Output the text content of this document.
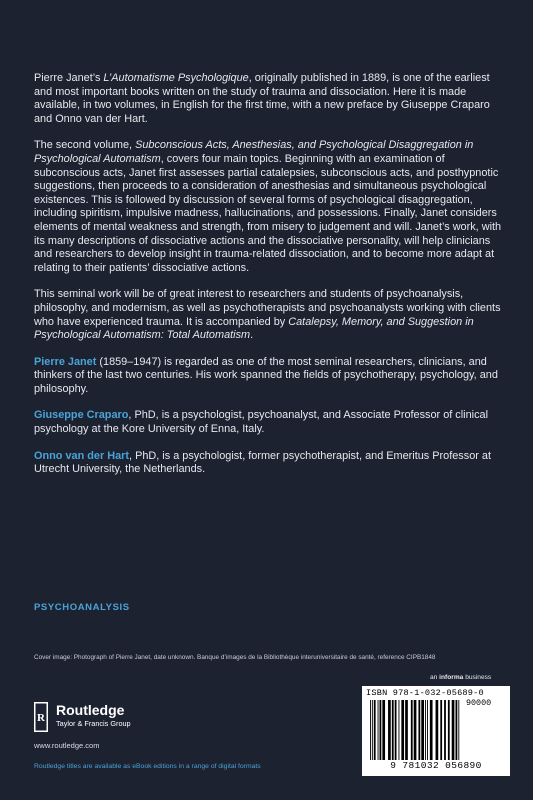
Pierre Janet’s L’Automatisme Psychologique, originally published in 1889, is one of the earliest and most important books written on the study of trauma and dissociation. Here it is made available, in two volumes, in English for the first time, with a new preface by Giuseppe Craparo and Onno van der Hart.

The second volume, Subconscious Acts, Anesthesias, and Psychological Disaggregation in Psychological Automatism, covers four main topics. Beginning with an examination of subconscious acts, Janet first assesses partial catalepsies, subconscious acts, and posthypnotic suggestions, then proceeds to a consideration of anesthesias and simultaneous psychological existences. This is followed by discussion of several forms of psychological disaggregation, including spiritism, impulsive madness, hallucinations, and possessions. Finally, Janet considers elements of mental weakness and strength, from misery to judgement and will. Janet’s work, with its many descriptions of dissociative actions and the dissociative personality, will help clinicians and researchers to develop insight in trauma-related dissociation, and to become more adapt at relating to their patients’ dissociative actions.

This seminal work will be of great interest to researchers and students of psychoanalysis, philosophy, and modernism, as well as psychotherapists and psychoanalysts working with clients who have experienced trauma. It is accompanied by Catalepsy, Memory, and Suggestion in Psychological Automatism: Total Automatism.

Pierre Janet (1859–1947) is regarded as one of the most seminal researchers, clinicians, and thinkers of the last two centuries. His work spanned the fields of psychotherapy, psychology, and philosophy.

Giuseppe Craparo, PhD, is a psychologist, psychoanalyst, and Associate Professor of clinical psychology at the Kore University of Enna, Italy.

Onno van der Hart, PhD, is a psychologist, former psychotherapist, and Emeritus Professor at Utrecht University, the Netherlands.

PSYCHOANALYSIS
Cover image: Photograph of Pierre Janet, date unknown. Banque d’images de la Bibliothèque interuniversitaire de santé, reference CIPB1848
an informa business
R Routledge
Taylor & Francis Group
www.routledge.com
ISBN 978-1-032-05689-0
90000
9 781032 056890
Routledge titles are available as eBook editions in a range of digital formats
